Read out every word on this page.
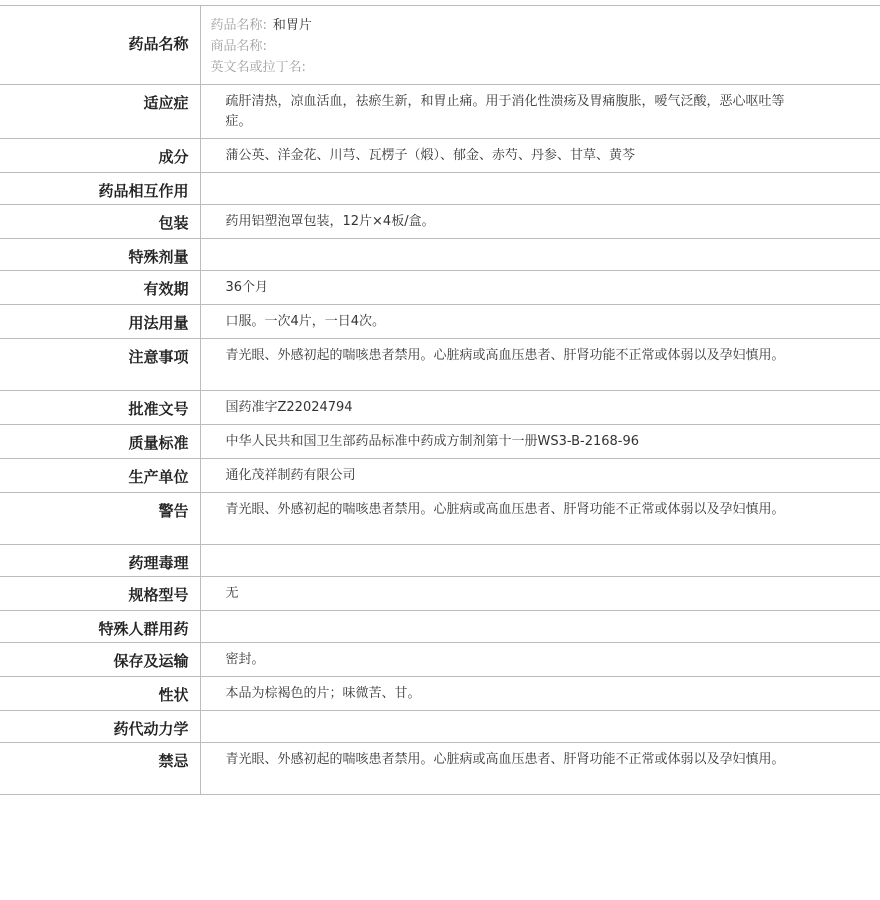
药品名称	药品名称: 和胃片
商品名称:
英文名或拉丁名:

适应症	疏肝清热，凉血活血，祛瘀生新，和胃止痛。用于消化性溃疡及胃痛腹胀，嗳气泛酸，恶心呕吐等症。
成分	蒲公英、洋金花、川芎、瓦楞子（煅）、郁金、赤芍、丹参、甘草、黄芩
药品相互作用	
包装	药用铝塑泡罩包装，12片×4板/盒。
特殊剂量	
有效期	36个月
用法用量	口服。一次4片，一日4次。
注意事项	青光眼、外感初起的喘咳患者禁用。心脏病或高血压患者、肝肾功能不正常或体弱以及孕妇慎用。
批准文号	国药准字Z22024794
质量标准	中华人民共和国卫生部药品标准中药成方制剂第十一册WS3-B-2168-96
生产单位	通化茂祥制药有限公司
警告	青光眼、外感初起的喘咳患者禁用。心脏病或高血压患者、肝肾功能不正常或体弱以及孕妇慎用。
药理毒理	
规格型号	无
特殊人群用药	
保存及运输	密封。
性状	本品为棕褐色的片；味微苦、甘。
药代动力学	
禁忌	青光眼、外感初起的喘咳患者禁用。心脏病或高血压患者、肝肾功能不正常或体弱以及孕妇慎用。
